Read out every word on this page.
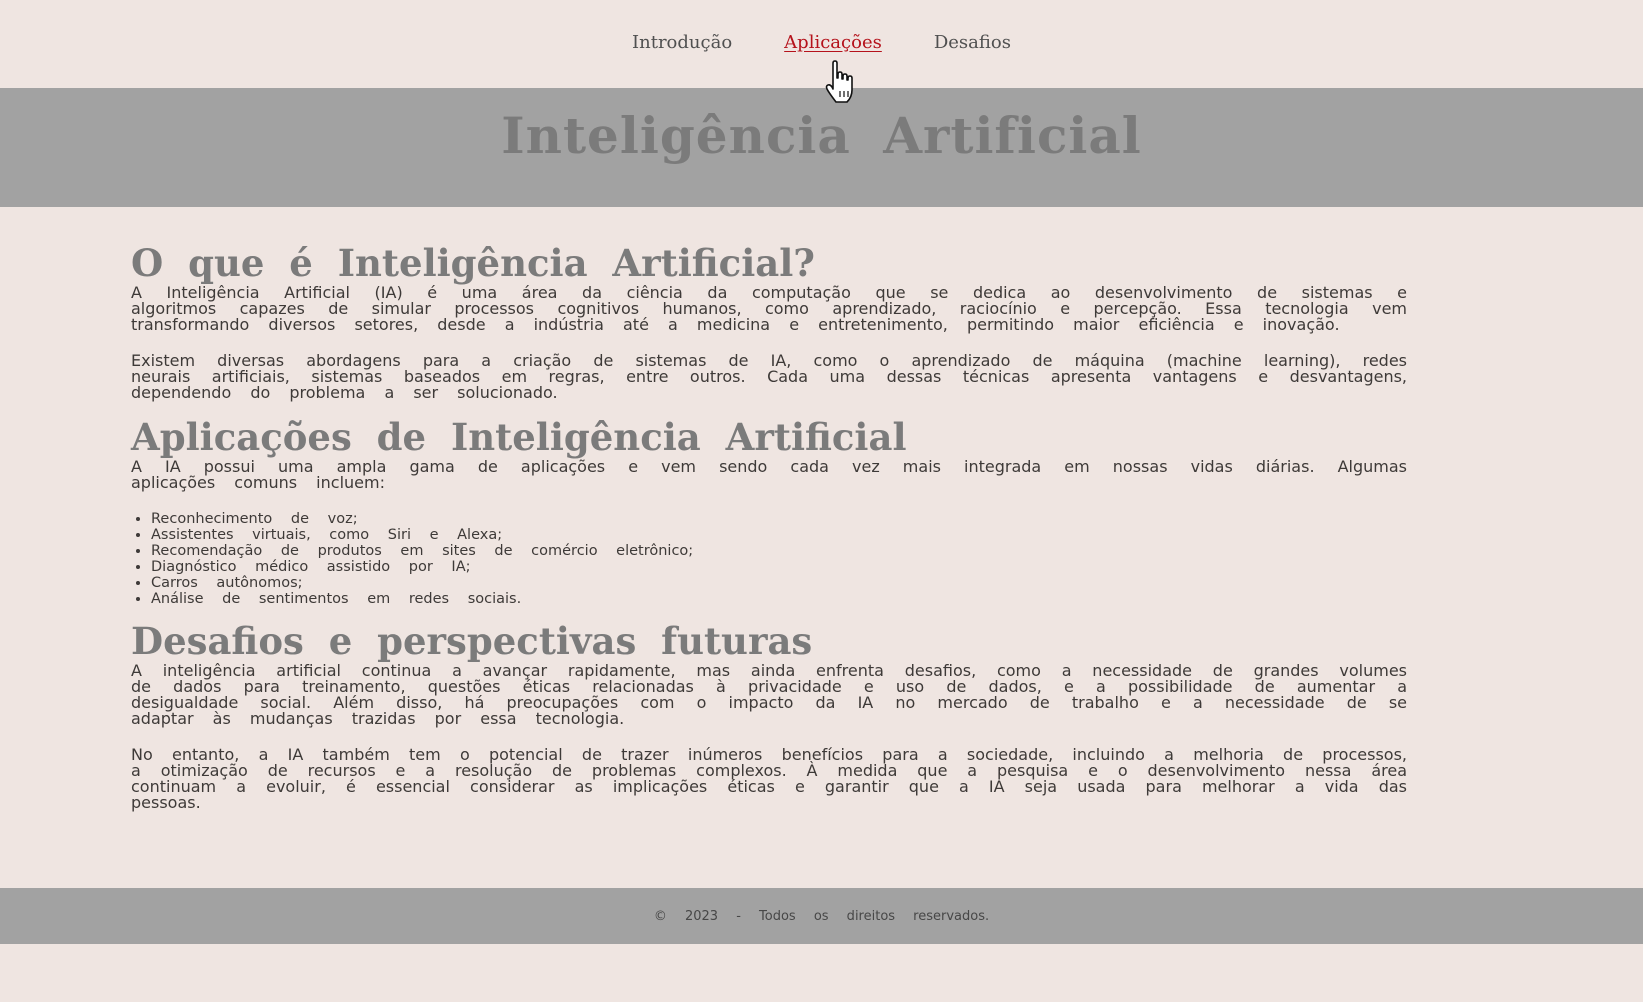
Introdução	Aplicações	Desafios
Inteligência Artificial
O que é Inteligência Artificial?

A Inteligência Artificial (IA) é uma área da ciência da computação que se dedica ao desenvolvimento de sistemas e algoritmos capazes de simular processos cognitivos humanos, como aprendizado, raciocínio e percepção. Essa tecnologia vem transformando diversos setores, desde a indústria até a medicina e entretenimento, permitindo maior eficiência e inovação.

Existem diversas abordagens para a criação de sistemas de IA, como o aprendizado de máquina (machine learning), redes neurais artificiais, sistemas baseados em regras, entre outros. Cada uma dessas técnicas apresenta vantagens e desvantagens, dependendo do problema a ser solucionado.

Aplicações de Inteligência Artificial

A IA possui uma ampla gama de aplicações e vem sendo cada vez mais integrada em nossas vidas diárias. Algumas aplicações comuns incluem:

• Reconhecimento de voz;
• Assistentes virtuais, como Siri e Alexa;
• Recomendação de produtos em sites de comércio eletrônico;
• Diagnóstico médico assistido por IA;
• Carros autônomos;
• Análise de sentimentos em redes sociais.
Desafios e perspectivas futuras

A inteligência artificial continua a avançar rapidamente, mas ainda enfrenta desafios, como a necessidade de grandes volumes de dados para treinamento, questões éticas relacionadas à privacidade e uso de dados, e a possibilidade de aumentar a desigualdade social. Além disso, há preocupações com o impacto da IA no mercado de trabalho e a necessidade de se adaptar às mudanças trazidas por essa tecnologia.

No entanto, a IA também tem o potencial de trazer inúmeros benefícios para a sociedade, incluindo a melhoria de processos, a otimização de recursos e a resolução de problemas complexos. À medida que a pesquisa e o desenvolvimento nessa área continuam a evoluir, é essencial considerar as implicações éticas e garantir que a IA seja usada para melhorar a vida das pessoas.

© 2023 - Todos os direitos reservados.
